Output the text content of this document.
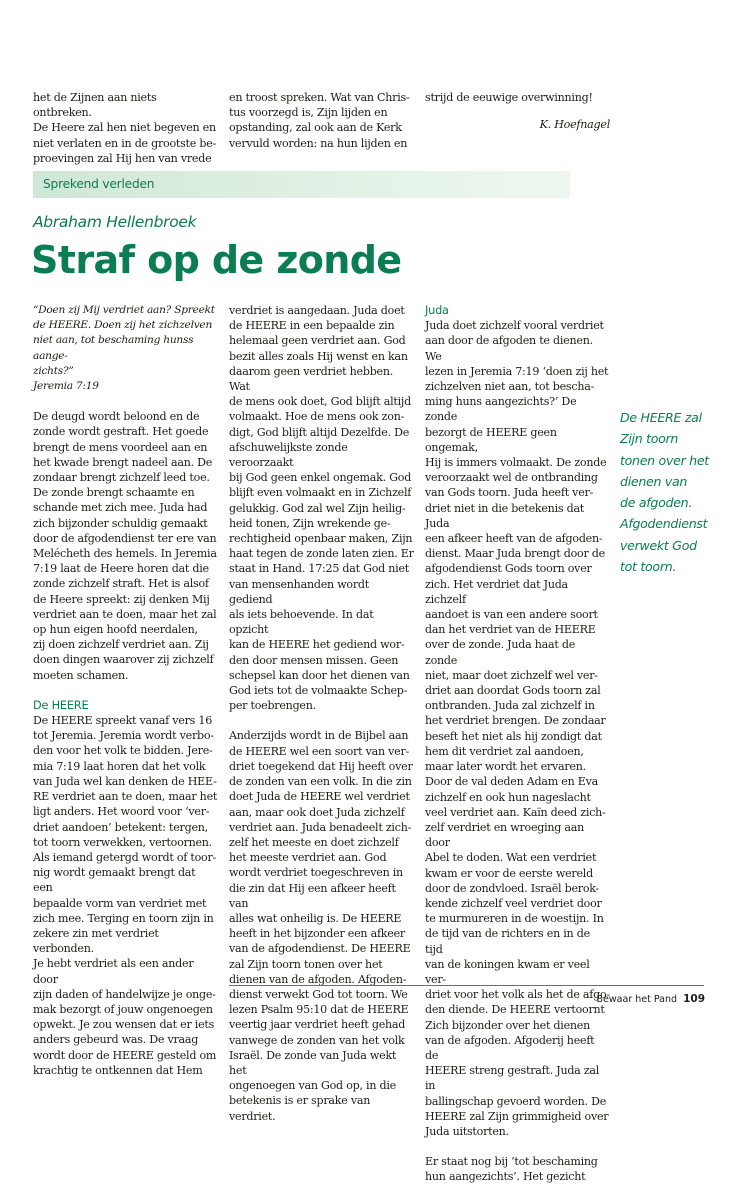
het de Zijnen aan niets ontbreken.
De Heere zal hen niet begeven en
niet verlaten en in de grootste be-
proevingen zal Hij hen van vrede

en troost spreken. Wat van Chris-
tus voorzegd is, Zijn lijden en
opstanding, zal ook aan de Kerk
vervuld worden: na hun lijden en

strijd de eeuwige overwinning!

K. Hoefnagel

Sprekend verleden
Abraham Hellenbroek
Straf op de zonde

“Doen zij Mij verdriet aan? Spreekt
de HEERE. Doen zij het zichzelven
niet aan, tot beschaming hunss aange-
zichts?”
Jeremia 7:19

De deugd wordt beloond en de
zonde wordt gestraft. Het goede
brengt de mens voordeel aan en
het kwade brengt nadeel aan. De
zondaar brengt zichzelf leed toe.
De zonde brengt schaamte en
schande met zich mee. Juda had
zich bijzonder schuldig gemaakt
door de afgodendienst ter ere van
Melécheth des hemels. In Jeremia
7:19 laat de Heere horen dat die
zonde zichzelf straft. Het is alsof
de Heere spreekt: zij denken Mij
verdriet aan te doen, maar het zal
op hun eigen hoofd neerdalen,
zij doen zichzelf verdriet aan. Zij
doen dingen waarover zij zichzelf
moeten schamen.

De HEERE

De HEERE spreekt vanaf vers 16
tot Jeremia. Jeremia wordt verbo-
den voor het volk te bidden. Jere-
mia 7:19 laat horen dat het volk
van Juda wel kan denken de HEE-
RE verdriet aan te doen, maar het
ligt anders. Het woord voor ‘ver-
driet aandoen’ betekent: tergen,
tot toorn verwekken, vertoornen.
Als iemand getergd wordt of toor-
nig wordt gemaakt brengt dat een
bepaalde vorm van verdriet met
zich mee. Terging en toorn zijn in
zekere zin met verdriet verbonden.
Je hebt verdriet als een ander door
zijn daden of handelwijze je onge-
mak bezorgt of jouw ongenoegen
opwekt. Je zou wensen dat er iets
anders gebeurd was. De vraag
wordt door de HEERE gesteld om
krachtig te ontkennen dat Hem

verdriet is aangedaan. Juda doet
de HEERE in een bepaalde zin
helemaal geen verdriet aan. God
bezit alles zoals Hij wenst en kan
daarom geen verdriet hebben. Wat
de mens ook doet, God blijft altijd
volmaakt. Hoe de mens ook zon-
digt, God blijft altijd Dezelfde. De
afschuwelijkste zonde veroorzaakt
bij God geen enkel ongemak. God
blijft even volmaakt en in Zichzelf
gelukkig. God zal wel Zijn heilig-
heid tonen, Zijn wrekende ge-
rechtigheid openbaar maken, Zijn
haat tegen de zonde laten zien. Er
staat in Hand. 17:25 dat God niet
van mensenhanden wordt gediend
als iets behoevende. In dat opzicht
kan de HEERE het gediend wor-
den door mensen missen. Geen
schepsel kan door het dienen van
God iets tot de volmaakte Schep-
per toebrengen.

Anderzijds wordt in de Bijbel aan
de HEERE wel een soort van ver-
driet toegekend dat Hij heeft over
de zonden van een volk. In die zin
doet Juda de HEERE wel verdriet
aan, maar ook doet Juda zichzelf
verdriet aan. Juda benadeelt zich-
zelf het meeste en doet zichzelf
het meeste verdriet aan. God
wordt verdriet toegeschreven in
die zin dat Hij een afkeer heeft van
alles wat onheilig is. De HEERE
heeft in het bijzonder een afkeer
van de afgodendienst. De HEERE
zal Zijn toorn tonen over het
dienen van de afgoden. Afgoden-
dienst verwekt God tot toorn. We
lezen Psalm 95:10 dat de HEERE
veertig jaar verdriet heeft gehad
vanwege de zonden van het volk
Israël. De zonde van Juda wekt het
ongenoegen van God op, in die
betekenis is er sprake van verdriet.

Juda

Juda doet zichzelf vooral verdriet
aan door de afgoden te dienen. We
lezen in Jeremia 7:19 ‘doen zij het
zichzelven niet aan, tot bescha-
ming huns aangezichts?’ De zonde
bezorgt de HEERE geen ongemak,
Hij is immers volmaakt. De zonde
veroorzaakt wel de ontbranding
van Gods toorn. Juda heeft ver-
driet niet in die betekenis dat Juda
een afkeer heeft van de afgoden-
dienst. Maar Juda brengt door de
afgodendienst Gods toorn over
zich. Het verdriet dat Juda zichzelf
aandoet is van een andere soort
dan het verdriet van de HEERE
over de zonde. Juda haat de zonde
niet, maar doet zichzelf wel ver-
driet aan doordat Gods toorn zal
ontbranden. Juda zal zichzelf in
het verdriet brengen. De zondaar
beseft het niet als hij zondigt dat
hem dit verdriet zal aandoen,
maar later wordt het ervaren.
Door de val deden Adam en Eva
zichzelf en ook hun nageslacht
veel verdriet aan. Kaïn deed zich-
zelf verdriet en wroeging aan door
Abel te doden. Wat een verdriet
kwam er voor de eerste wereld
door de zondvloed. Israël berok-
kende zichzelf veel verdriet door
te murmureren in de woestijn. In
de tijd van de richters en in de tijd
van de koningen kwam er veel ver-
driet voor het volk als het de afgo-
den diende. De HEERE vertoornt
Zich bijzonder over het dienen
van de afgoden. Afgoderij heeft de
HEERE streng gestraft. Juda zal in
ballingschap gevoerd worden. De
HEERE zal Zijn grimmigheid over
Juda uitstorten.

Er staat nog bij ‘tot beschaming
hun aangezichts’. Het gezicht

De HEERE zal
Zijn toorn
tonen over het
dienen van
de afgoden.
Afgodendienst
verwekt God
tot toorn.
Bewaar het Pand 109
